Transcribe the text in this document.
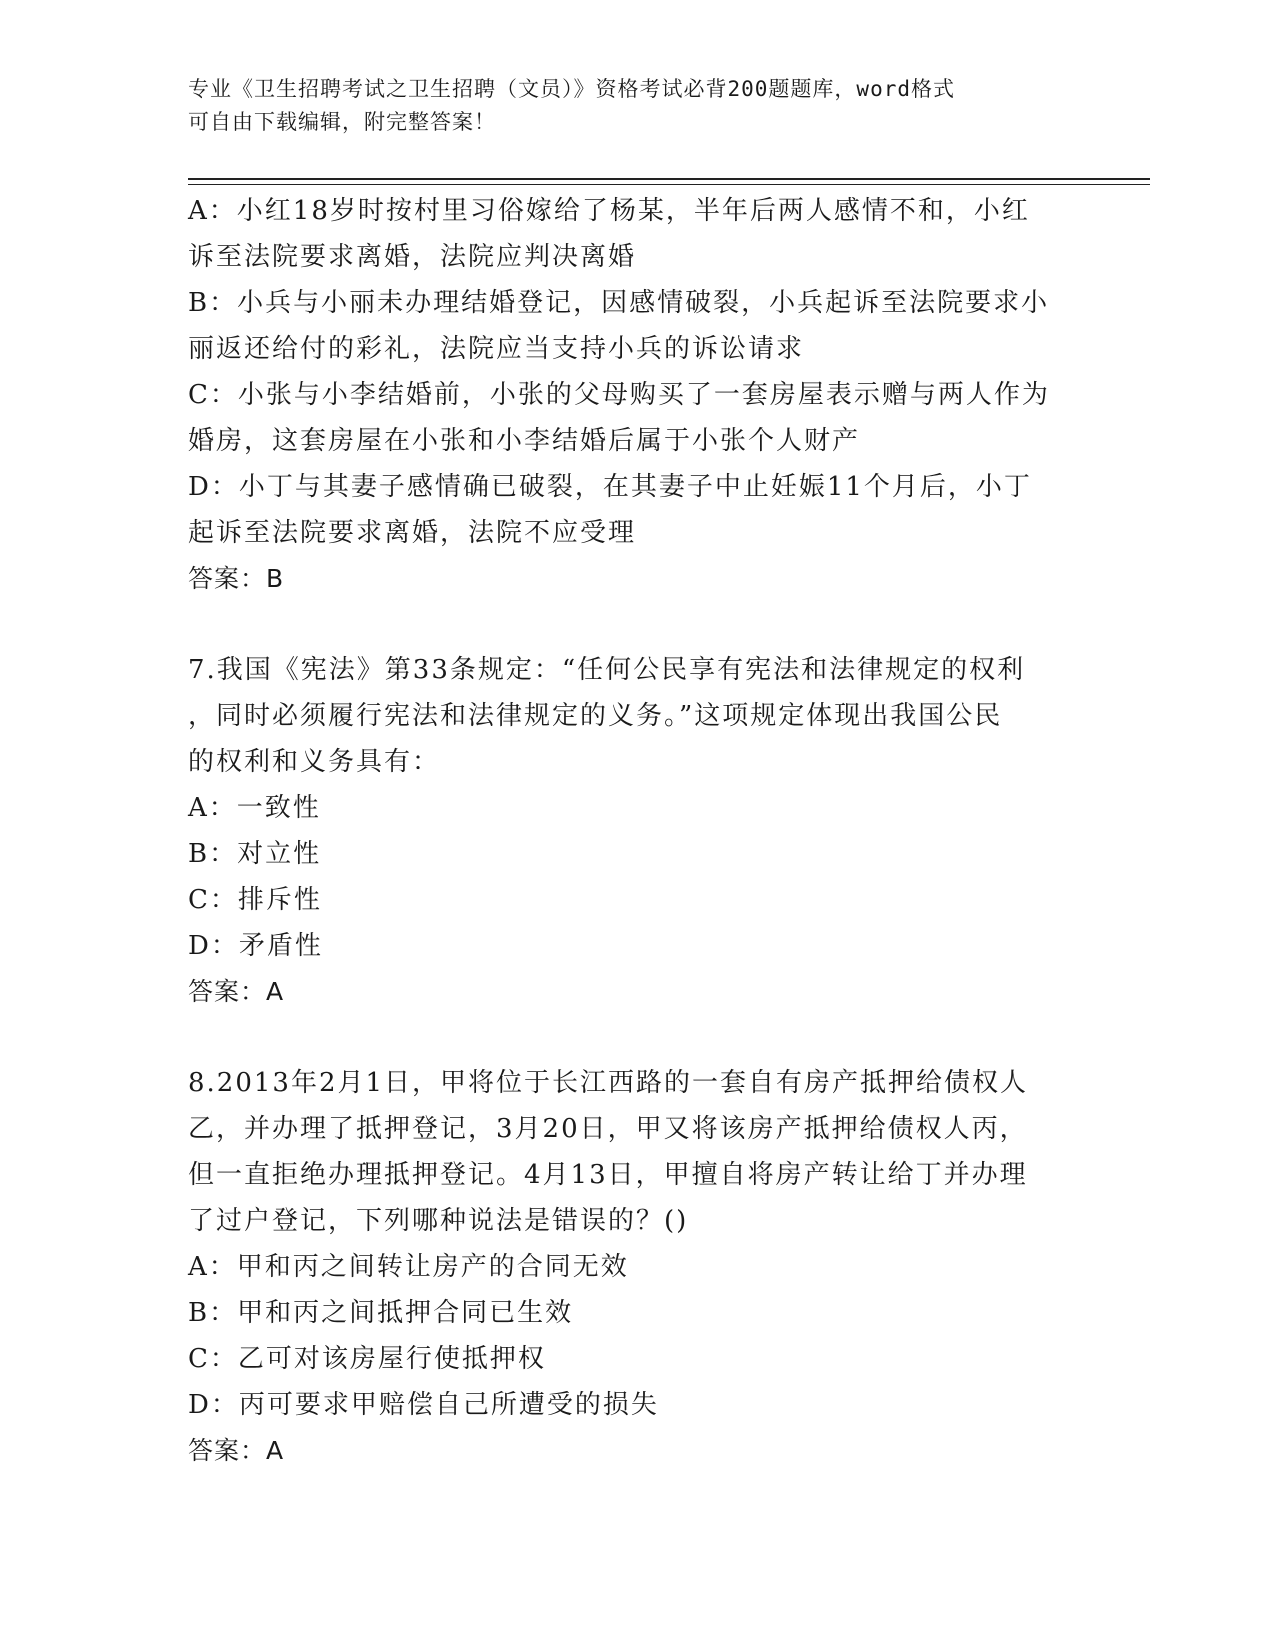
专业《卫生招聘考试之卫生招聘（文员）》资格考试必背200题题库，word格式
可自由下载编辑，附完整答案！
A：小红18岁时按村里习俗嫁给了杨某，半年后两人感情不和，小红
诉至法院要求离婚，法院应判决离婚
B：小兵与小丽未办理结婚登记，因感情破裂，小兵起诉至法院要求小
丽返还给付的彩礼，法院应当支持小兵的诉讼请求
C：小张与小李结婚前，小张的父母购买了一套房屋表示赠与两人作为
婚房，这套房屋在小张和小李结婚后属于小张个人财产
D：小丁与其妻子感情确已破裂，在其妻子中止妊娠11个月后，小丁
起诉至法院要求离婚，法院不应受理
答案：B
7.我国《宪法》第33条规定：“任何公民享有宪法和法律规定的权利
，同时必须履行宪法和法律规定的义务。”这项规定体现出我国公民
的权利和义务具有：
A：一致性
B：对立性
C：排斥性
D：矛盾性
答案：A
8.2013年2月1日，甲将位于长江西路的一套自有房产抵押给债权人
乙，并办理了抵押登记，3月20日，甲又将该房产抵押给债权人丙，
但一直拒绝办理抵押登记。4月13日，甲擅自将房产转让给丁并办理
了过户登记，下列哪种说法是错误的？()
A：甲和丙之间转让房产的合同无效
B：甲和丙之间抵押合同已生效
C：乙可对该房屋行使抵押权
D：丙可要求甲赔偿自己所遭受的损失
答案：A
